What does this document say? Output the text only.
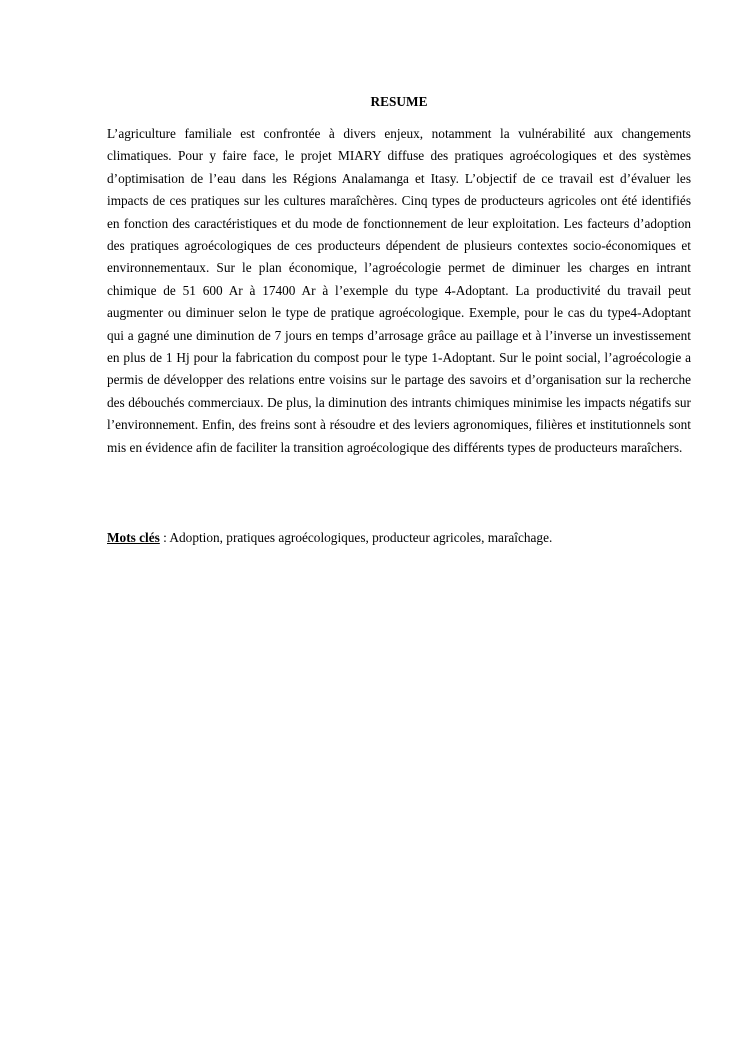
RESUME

L’agriculture familiale est confrontée à divers enjeux, notamment la vulnérabilité aux changements climatiques. Pour y faire face, le projet MIARY diffuse des pratiques agroécologiques et des systèmes d’optimisation de l’eau dans les Régions Analamanga et Itasy. L’objectif de ce travail est d’évaluer les impacts de ces pratiques sur les cultures maraîchères. Cinq types de producteurs agricoles ont été identifiés en fonction des caractéristiques et du mode de fonctionnement de leur exploitation. Les facteurs d’adoption des pratiques agroécologiques de ces producteurs dépendent de plusieurs contextes socio-économiques et environnementaux. Sur le plan économique, l’agroécologie permet de diminuer les charges en intrant chimique de 51 600 Ar à 17400 Ar à l’exemple du type 4-Adoptant. La productivité du travail peut augmenter ou diminuer selon le type de pratique agroécologique. Exemple, pour le cas du type4-Adoptant qui a gagné une diminution de 7 jours en temps d’arrosage grâce au paillage et à l’inverse un investissement en plus de 1 Hj pour la fabrication du compost pour le type 1-Adoptant. Sur le point social, l’agroécologie a permis de développer des relations entre voisins sur le partage des savoirs et d’organisation sur la recherche des débouchés commerciaux. De plus, la diminution des intrants chimiques minimise les impacts négatifs sur l’environnement. Enfin, des freins sont à résoudre et des leviers agronomiques, filières et institutionnels sont mis en évidence afin de faciliter la transition agroécologique des différents types de producteurs maraîchers.

Mots clés : Adoption, pratiques agroécologiques, producteur agricoles, maraîchage.
